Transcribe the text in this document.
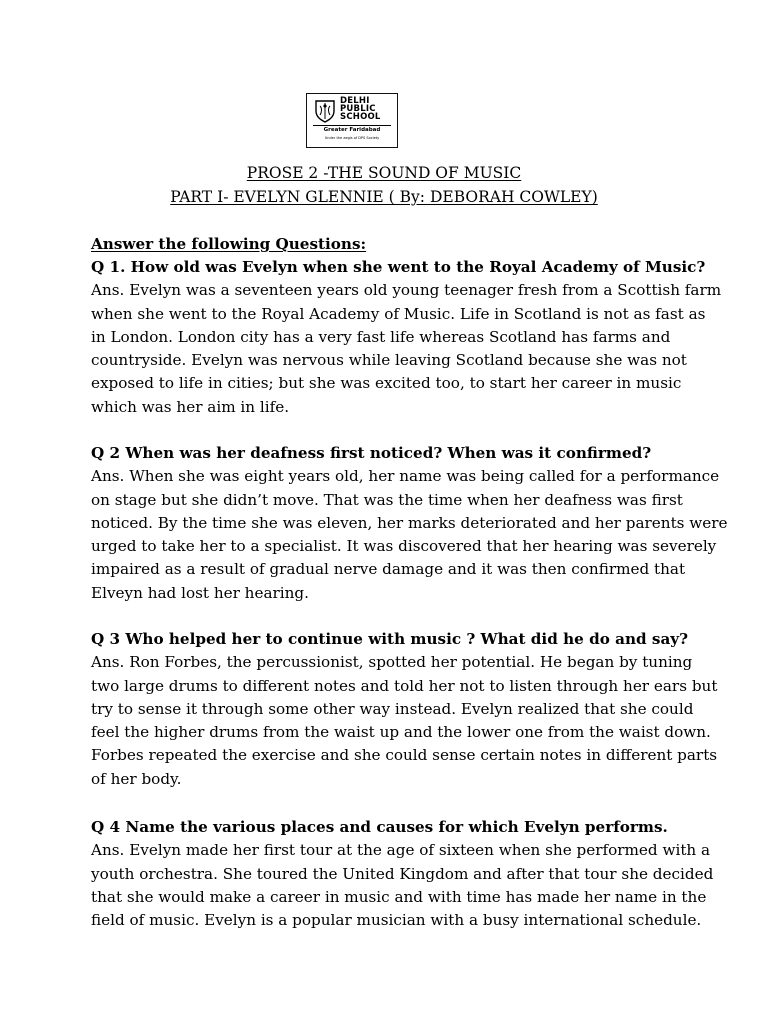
DELHI
PUBLIC
SCHOOL
Greater Faridabad
Under the aegis of DPS Society
PROSE 2 -THE SOUND OF MUSIC
PART I- EVELYN GLENNIE ( By: DEBORAH COWLEY)

Answer the following Questions:

Q 1. How old was Evelyn when she went to the Royal Academy of Music?

Ans. Evelyn was a seventeen years old young teenager fresh from a Scottish farm

when she went to the Royal Academy of Music. Life in Scotland is not as fast as

in London. London city has a very fast life whereas Scotland has farms and

countryside. Evelyn was nervous while leaving Scotland because she was not

exposed to life in cities; but she was excited too, to start her career in music

which was her aim in life.

Q 2 When was her deafness first noticed? When was it confirmed?

Ans. When she was eight years old, her name was being called for a performance

on stage but she didn’t move. That was the time when her deafness was first

noticed. By the time she was eleven, her marks deteriorated and her parents were

urged to take her to a specialist. It was discovered that her hearing was severely

impaired as a result of gradual nerve damage and it was then confirmed that

Elveyn had lost her hearing.

Q 3 Who helped her to continue with music ? What did he do and say?

Ans. Ron Forbes, the percussionist, spotted her potential. He began by tuning

two large drums to different notes and told her not to listen through her ears but

try to sense it through some other way instead. Evelyn realized that she could

feel the higher drums from the waist up and the lower one from the waist down.

Forbes repeated the exercise and she could sense certain notes in different parts

of her body.

Q 4 Name the various places and causes for which Evelyn performs.

Ans. Evelyn made her first tour at the age of sixteen when she performed with a

youth orchestra. She toured the United Kingdom and after that tour she decided

that she would make a career in music and with time has made her name in the

field of music. Evelyn is a popular musician with a busy international schedule.
